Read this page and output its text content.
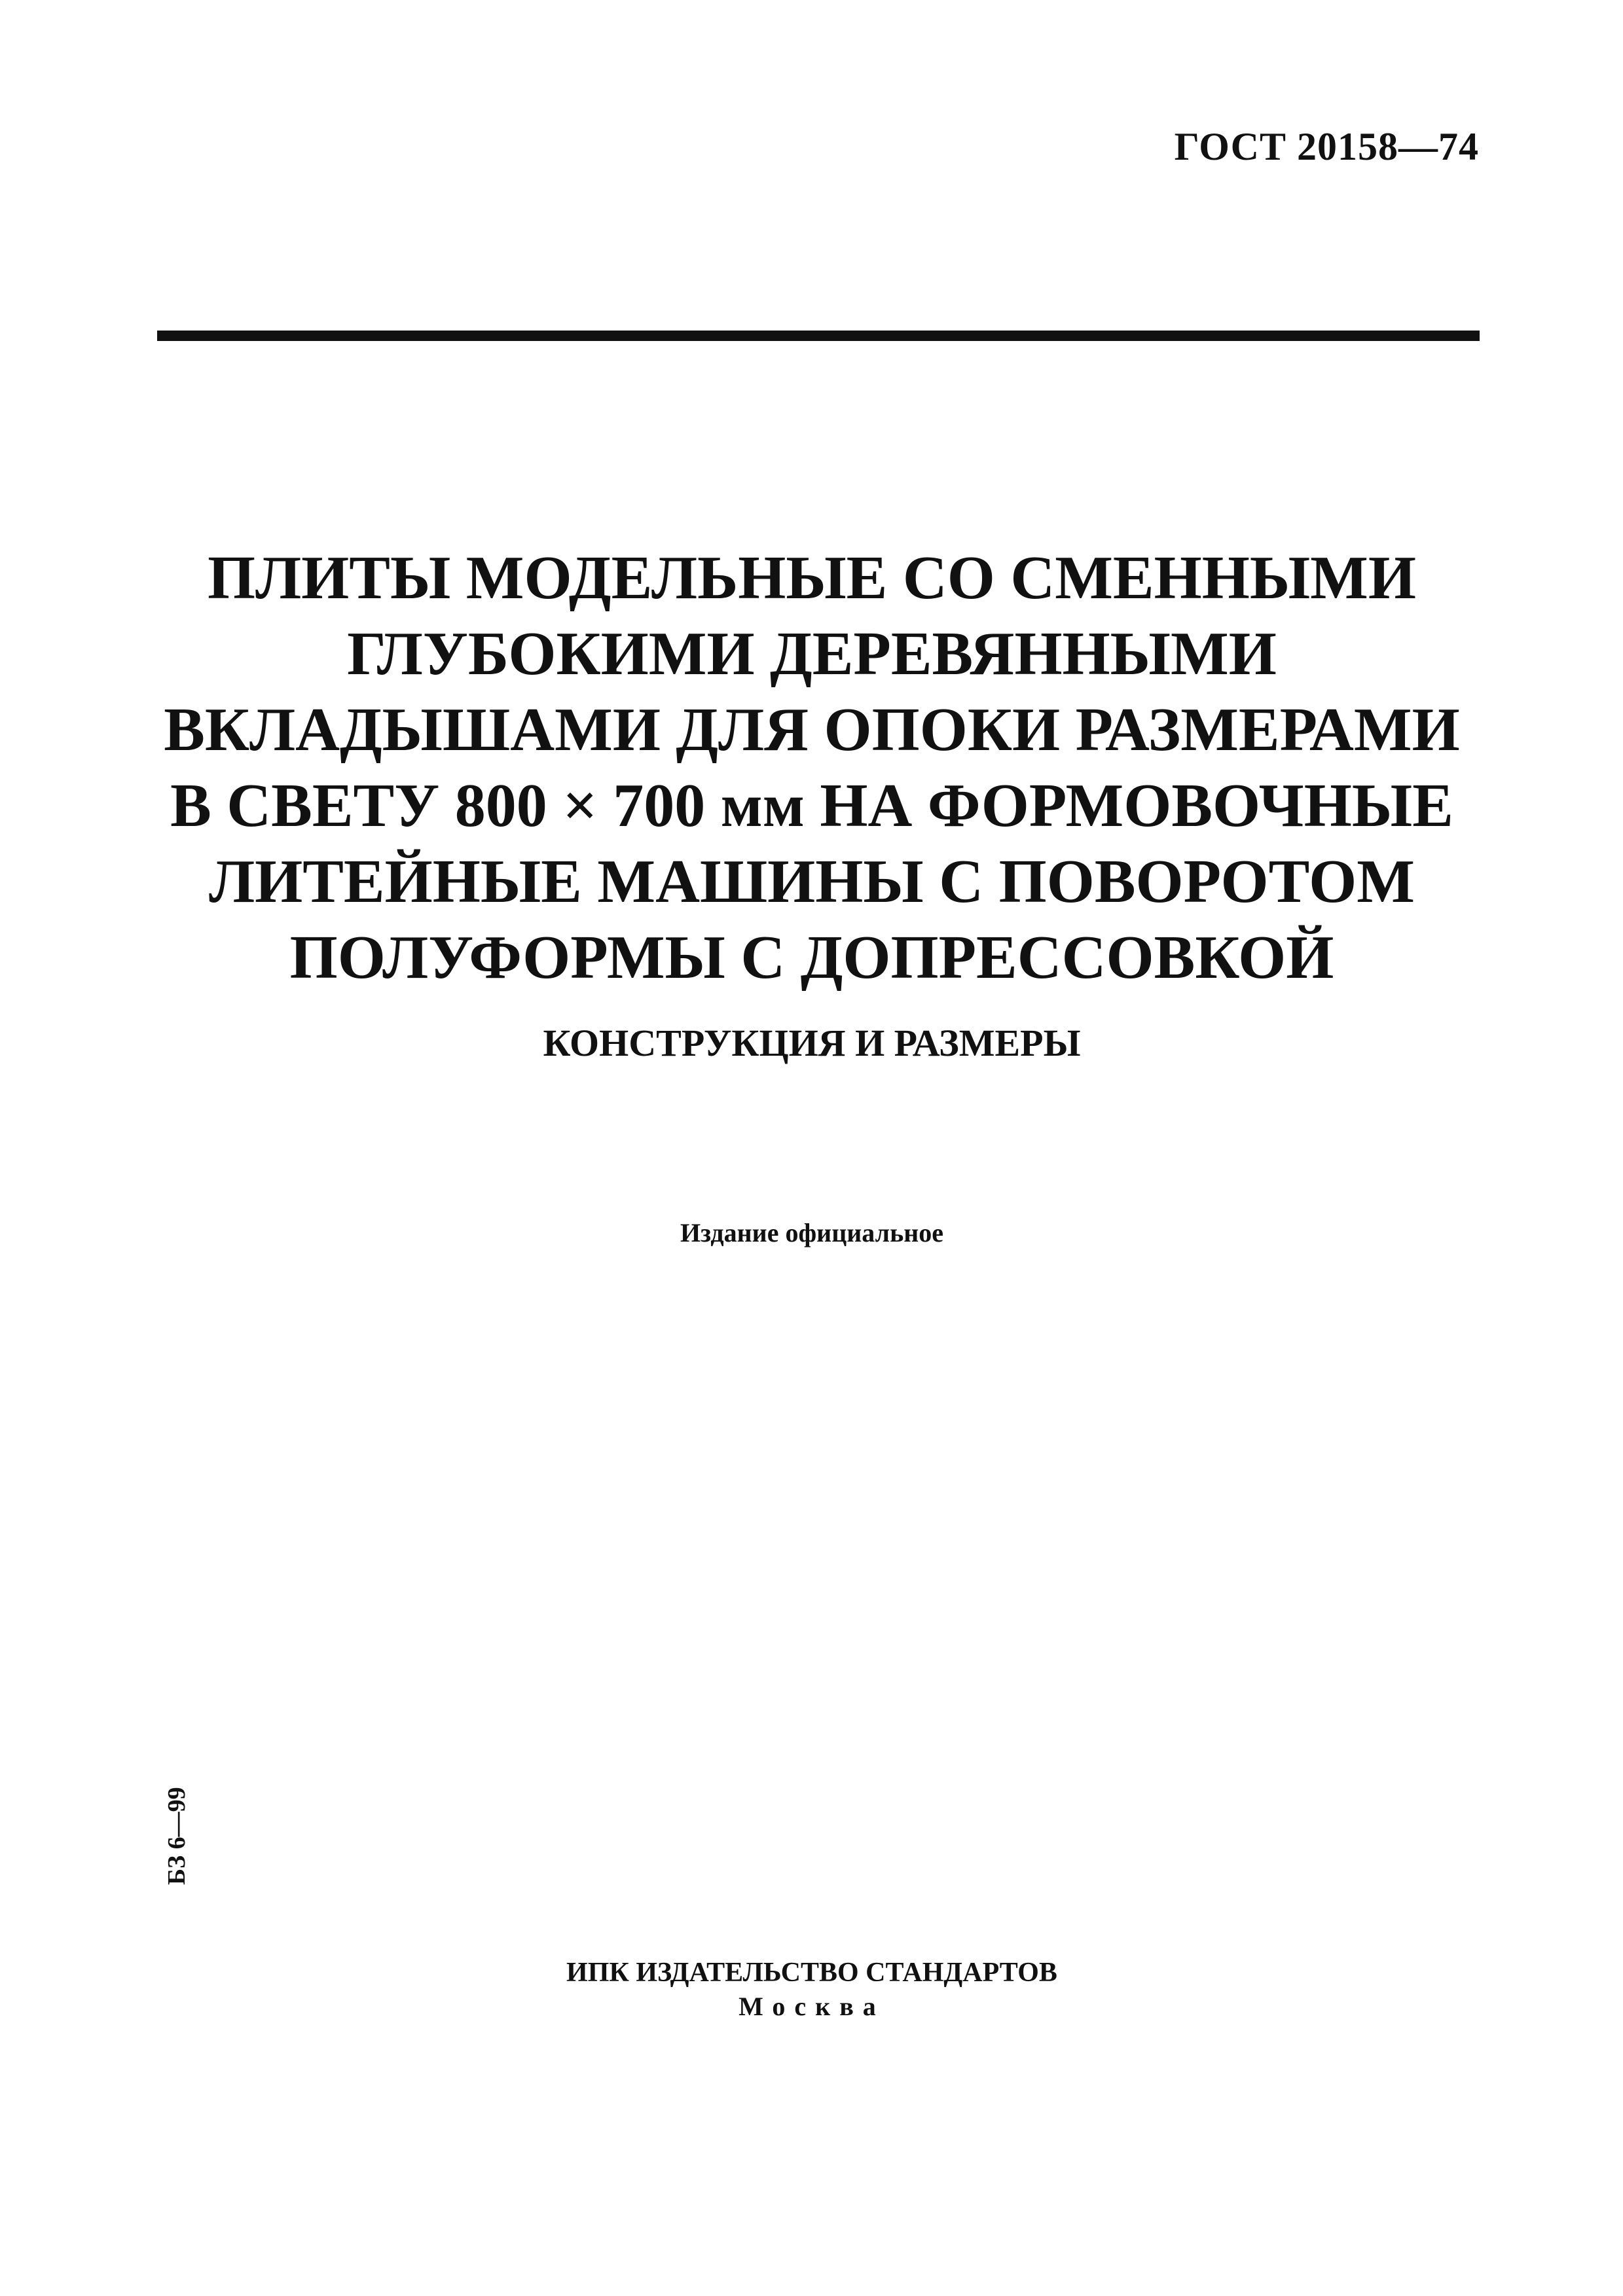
ГОСТ 20158—74
ПЛИТЫ МОДЕЛЬНЫЕ СО СМЕННЫМИ
ГЛУБОКИМИ ДЕРЕВЯННЫМИ
ВКЛАДЫШАМИ ДЛЯ ОПОКИ РАЗМЕРАМИ
В СВЕТУ 800 × 700 мм НА ФОРМОВОЧНЫЕ
ЛИТЕЙНЫЕ МАШИНЫ С ПОВОРОТОМ
ПОЛУФОРМЫ С ДОПРЕССОВКОЙ
КОНСТРУКЦИЯ И РАЗМЕРЫ
Издание официальное
БЗ 6—99
ИПК ИЗДАТЕЛЬСТВО СТАНДАРТОВ
Москва
